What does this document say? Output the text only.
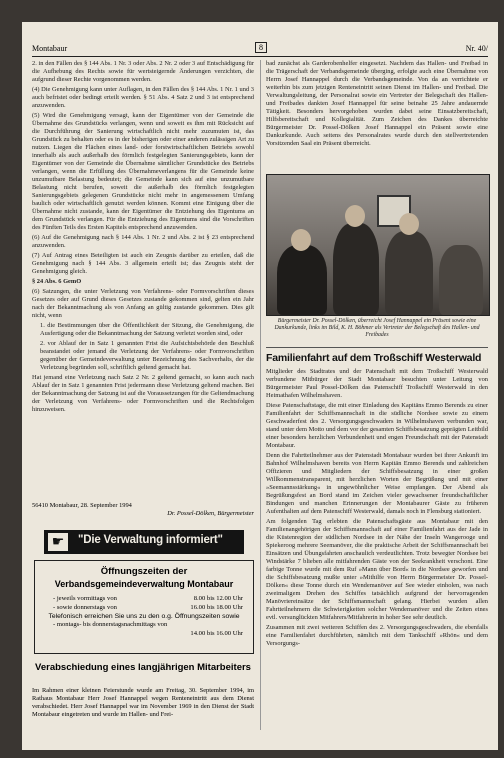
Montabaur	8	Nr. 40/

2. in den Fällen des § 144 Abs. 1 Nr. 3 oder Abs. 2 Nr. 2 oder 3 auf Entschädigung für die Aufhebung des Rechts sowie für wertsteigernde Änderungen verzichten, die aufgrund dieser Rechte vorgenommen werden.

(4) Die Genehmigung kann unter Auflagen, in den Fällen des § 144 Abs. 1 Nr. 1 und 3 auch befristet oder bedingt erteilt werden. § 51 Abs. 4 Satz 2 und 3 ist entsprechend anzuwenden.

(5) Wird die Genehmigung versagt, kann der Eigentümer von der Gemeinde die Übernahme des Grundstücks verlangen, wenn und soweit es ihm mit Rücksicht auf die Durchführung der Sanierung wirtschaftlich nicht mehr zuzumuten ist, das Grundstück zu behalten oder es in der bisherigen oder einer anderen zulässigen Art zu nutzen. Liegen die Flächen eines land- oder forstwirtschaftlichen Betriebs sowohl innerhalb als auch außerhalb des förmlich festgelegten Sanierungsgebiets, kann der Eigentümer von der Gemeinde die Übernahme sämtlicher Grundstücke des Betriebs verlangen, wenn die Erfüllung des Übernahmeverlangens für die Gemeinde keine unzumutbare Belastung bedeutet; die Gemeinde kann sich auf eine unzumutbare Belastung nicht berufen, soweit die außerhalb des förmlich festgelegten Sanierungsgebiets gelegenen Grundstücke nicht mehr in angemessenem Umfang baulich oder wirtschaftlich genutzt werden können. Kommt eine Einigung über die Übernahme nicht zustande, kann der Eigentümer die Entziehung des Eigentums an dem Grundstück verlangen. Für die Entziehung des Eigentums sind die Vorschriften des Fünften Teils des Ersten Kapitels entsprechend anzuwenden.

(6) Auf die Genehmigung nach § 144 Abs. 1 Nr. 2 und Abs. 2 ist § 23 entsprechend anzuwenden.

(7) Auf Antrag eines Beteiligten ist auch ein Zeugnis darüber zu erteilen, daß die Genehmigung nach § 144 Abs. 3 allgemein erteilt ist; das Zeugnis steht der Genehmigung gleich.

§ 24 Abs. 6 GemO

(6) Satzungen, die unter Verletzung von Verfahrens- oder Formvorschriften dieses Gesetzes oder auf Grund dieses Gesetzes zustande gekommen sind, gelten ein Jahr nach der Bekanntmachung als von Anfang an gültig zustande gekommen. Dies gilt nicht, wenn

1. die Bestimmungen über die Öffentlichkeit der Sitzung, die Genehmigung, die Ausfertigung oder die Bekanntmachung der Satzung verletzt worden sind, oder

2. vor Ablauf der in Satz 1 genannten Frist die Aufsichtsbehörde den Beschluß beanstandet oder jemand die Verletzung der Verfahrens- oder Formvorschriften gegenüber der Gemeindeverwaltung unter Bezeichnung des Sachverhalts, der die Verletzung begründen soll, schriftlich geltend gemacht hat.

Hat jemand eine Verletzung nach Satz 2 Nr. 2 geltend gemacht, so kann auch nach Ablauf der in Satz 1 genannten Frist jedermann diese Verletzung geltend machen. Bei der Bekanntmachung der Satzung ist auf die Voraussetzungen für die Geltendmachung der Verletzung von Verfahrens- oder Formvorschriften und die Rechtsfolgen hinzuweisen.

56410 Montabaur, 28. September 1994
Dr. Possel-Dölken, Bürgermeister
☛	"Die Verwaltung informiert"
Öffnungszeiten der
Verbandsgemeindeverwaltung Montabaur
- jeweils vormittags von	8.00 bis 12.00 Uhr
- sowie donnerstags von	16.00 bis 18.00 Uhr
Telefonisch erreichen Sie uns zu den o.g. Öffnungszeiten sowie
- montags- bis donnerstagsnachmittags von
14.00 bis 16.00 Uhr
Verabschiedung eines langjährigen Mitarbeiters
Im Rahmen einer kleinen Feierstunde wurde am Freitag, 30. September 1994, im Rathaus Montabaur Herr Josef Hannappel wegen Renteneintritt aus dem Dienst verabschiedet. Herr Josef Hannappel war im November 1969 in den Dienst der Stadt Montabaur eingetreten und wurde im Hallen- und Frei-

bad zunächst als Garderobenhelfer eingesetzt. Nachdem das Hallen- und Freibad in die Trägerschaft der Verbandsgemeinde überging, erfolgte auch eine Übernahme von Herrn Josef Hannappel durch die Verbandsgemeinde. Von da an verrichtete er weiterhin bis zum jetzigen Renteneintritt seinen Dienst im Hallen- und Freibad. Die Verwaltungsleitung, der Personalrat sowie ein Vertreter der Belegschaft des Hallen- und Freibades dankten Josef Hannappel für seine beinahe 25 Jahre andauernde Tätigkeit. Besonders hervorgehoben wurden dabei seine Einsatzbereitschaft, Hilfsbereitschaft und Kollegialität. Zum Zeichen des Dankes überreichte Bürgermeister Dr. Possel-Dölken Josef Hannappel ein Präsent sowie eine Dankurkunde. Auch seitens des Personalrates wurde durch den stellvertretenden Vorsitzenden Saal ein Präsent überreicht.

Bürgermeister Dr. Possel-Dölken, überreicht Josef Hannappel ein Präsent sowie eine Dankurkunde, links im Bild, K. H. Böhmer als Vertreter der Belegschaft des Hallen- und Freibades
Familienfahrt auf dem Troßschiff Westerwald

Mitglieder des Stadtrates und der Patenschaft mit dem Troßschiff Westerwald verbundene Mitbürger der Stadt Montabaur besuchten unter Leitung von Bürgermeister Paul Possel-Dölken das Patenschiff Troßschiff Westerwald in den Heimathafen Wilhelmshaven.

Diese Patenschaftstage, die mit einer Einladung des Kapitäns Emmo Berends zu einer Familienfahrt der Schiffsmannschaft in die südliche Nordsee sowie zu einem Geschwaderfest des 2. Versorgungsgeschwaders in Wilhelmshaven verbunden war, stand unter dem Motto und dem vor der gesamten Schiffsbesatzung geprägten Leitbild einer besonders herzlichen Verbundenheit und engen Freundschaft mit der Patenstadt Montabaur.

Denn die Fahrtteilnehmer aus der Patenstadt Montabaur wurden bei ihrer Ankunft im Bahnhof Wilhelmshaven bereits von Herrn Kapitän Emmo Berends und zahlreichen Offizieren und Mitgliedern der Schiffsbesatzung in einer großen Willkommenstransparent, mit herzlichen Worten der Begrüßung und mit einer »Seemannsstärkung« in ungewöhnlicher Weise empfangen. Der Abend als Begrüßungsfest an Bord stand im Zeichen vieler gewachsener freundschaftlicher Bindungen und manchen Erinnerungen der Montabaurer Gäste zu früheren Aufenthalten auf dem Patenschiff Westerwald, damals noch in Flensburg stationiert.

Am folgenden Tag erlebten die Patenschaftsgäste aus Montabaur mit den Familienangehörigen der Schiffsmannschaft auf einer Familienfahrt aus der Jade in die Küstenregion der südlichen Nordsee in der Nähe der Inseln Wangerooge und Spiekeroog mehrere Seemanöver, die die praktische Arbeit der Schiffsmannschaft bei Einsätzen und Übungsfahrten anschaulich verdeutlichten. Trotz bewegter Nordsee bei Windstärke 7 blieben alle mitfahrenden Gäste von der Seekrankheit verschont. Eine farbige Tonne wurde mit dem Ruf »Mann über Bord« in die Nordsee geworfen und die Schiffsbesatzung mußte unter »Mithilfe von Herrn Bürgermeister Dr. Possel-Dölken« diese Tonne durch ein Wendemanöver auf See wieder einholen, was nach zweimaligem Drehen des Schiffes tatsächlich aufgrund der hervorragenden Manövriereinsätze der Schiffsmannschaft gelang. Hierbei wurden allen Fahrtteilnehmern die Schwierigkeiten solcher Wendemanöver und die Zeiten eines evtl. versunglückten Mitfahrers/Mitfahrerin in hoher See sehr deutlich.

Zusammen mit zwei weiteren Schiffen des 2. Versorgungsgeschwaders, die ebenfalls eine Familienfahrt durchführten, nämlich mit dem Tankschiff »Rhön« und dem Versorgungs-
